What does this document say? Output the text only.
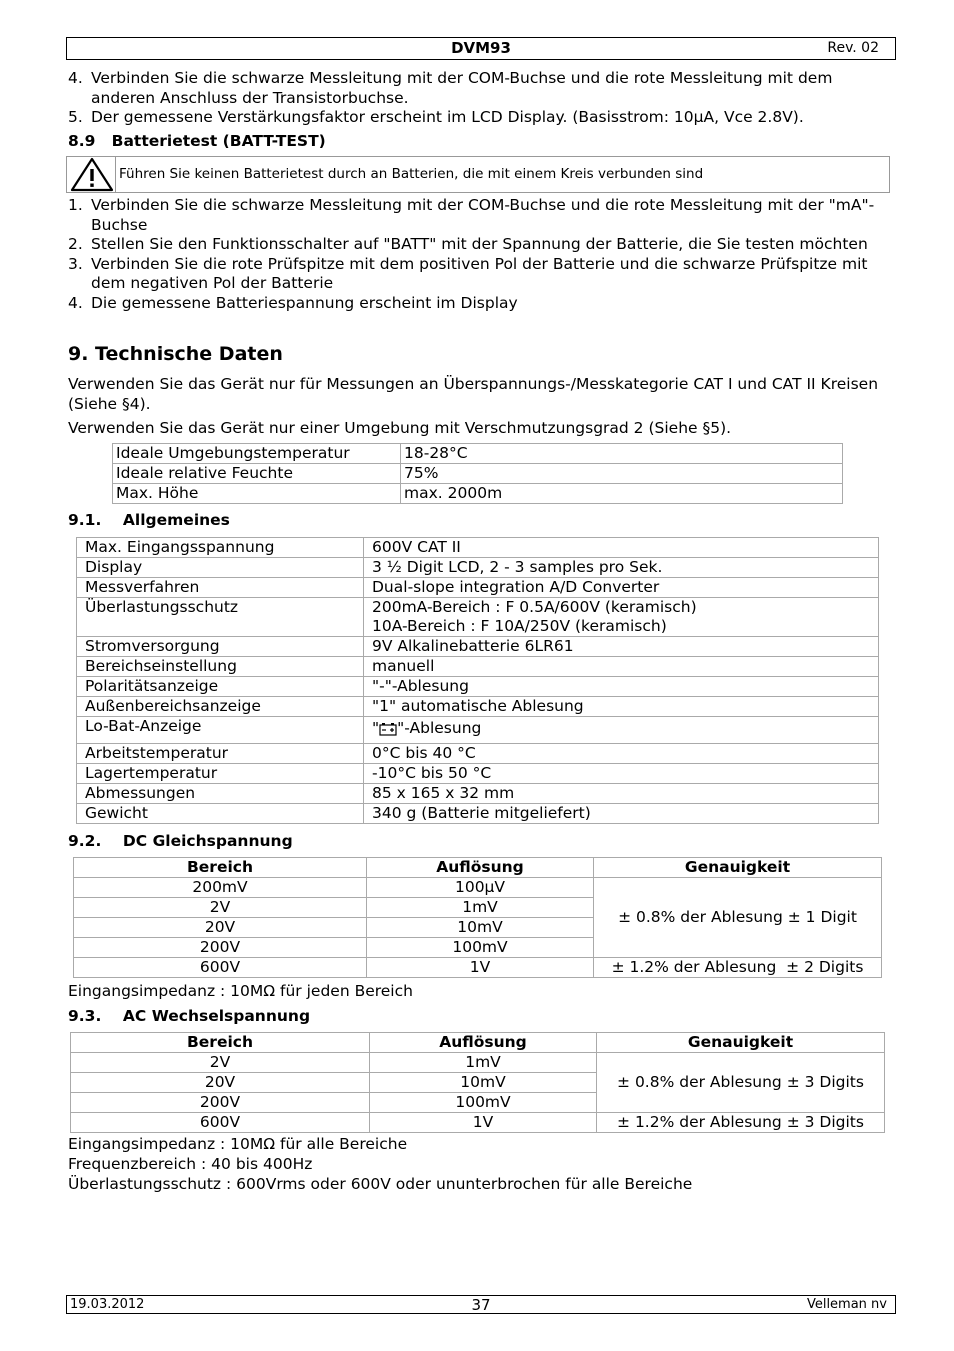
DVM93	Rev. 02
4. Verbinden Sie die schwarze Messleitung mit der COM-Buchse und die rote Messleitung mit dem anderen Anschluss der Transistorbuchse.
5. Der gemessene Verstärkungsfaktor erscheint im LCD Display. (Basisstrom: 10µA, Vce 2.8V).
8.9   Batterietest (BATT-TEST)
Führen Sie keinen Batterietest durch an Batterien, die mit einem Kreis verbunden sind
1. Verbinden Sie die schwarze Messleitung mit der COM-Buchse und die rote Messleitung mit der "mA"-Buchse
2. Stellen Sie den Funktionsschalter auf "BATT" mit der Spannung der Batterie, die Sie testen möchten
3. Verbinden Sie die rote Prüfspitze mit dem positiven Pol der Batterie und die schwarze Prüfspitze mit dem negativen Pol der Batterie
4. Die gemessene Batteriespannung erscheint im Display
9. Technische Daten

Verwenden Sie das Gerät nur für Messungen an Überspannungs-/Messkategorie CAT I und CAT II Kreisen (Siehe §4).

Verwenden Sie das Gerät nur einer Umgebung mit Verschmutzungsgrad 2 (Siehe §5).

Ideale Umgebungstemperatur	18-28°C
Ideale relative Feuchte	75%
Max. Höhe	max. 2000m
9.1.    Allgemeines
Max. Eingangsspannung	600V CAT II
Display	3 ½ Digit LCD, 2 - 3 samples pro Sek.
Messverfahren	Dual-slope integration A/D Converter
Überlastungsschutz	200mA-Bereich : F 0.5A/600V (keramisch)
10A-Bereich : F 10A/250V (keramisch)

Stromversorgung	9V Alkalinebatterie 6LR61
Bereichseinstellung	manuell
Polaritätsanzeige	"-"-Ablesung
Außenbereichsanzeige	"1" automatische Ablesung
Lo-Bat-Anzeige	" "-Ablesung
Arbeitstemperatur	0°C bis 40 °C
Lagertemperatur	-10°C bis 50 °C
Abmessungen	85 x 165 x 32 mm
Gewicht	340 g (Batterie mitgeliefert)
9.2.    DC Gleichspannung
Bereich	Auflösung	Genauigkeit
200mV	100µV	± 0.8% der Ablesung ± 1 Digit
2V	1mV	
20V	10mV	
200V	100mV	
600V	1V	± 1.2% der Ablesung  ± 2 Digits

Eingangsimpedanz : 10MΩ für jeden Bereich

9.3.    AC Wechselspannung
Bereich	Auflösung	Genauigkeit
2V	1mV	± 0.8% der Ablesung ± 3 Digits
20V	10mV	
200V	100mV	
600V	1V	± 1.2% der Ablesung ± 3 Digits

Eingangsimpedanz : 10MΩ für alle Bereiche

Frequenzbereich : 40 bis 400Hz

Überlastungsschutz : 600Vrms oder 600V oder ununterbrochen für alle Bereiche

19.03.2012	37	Velleman nv
